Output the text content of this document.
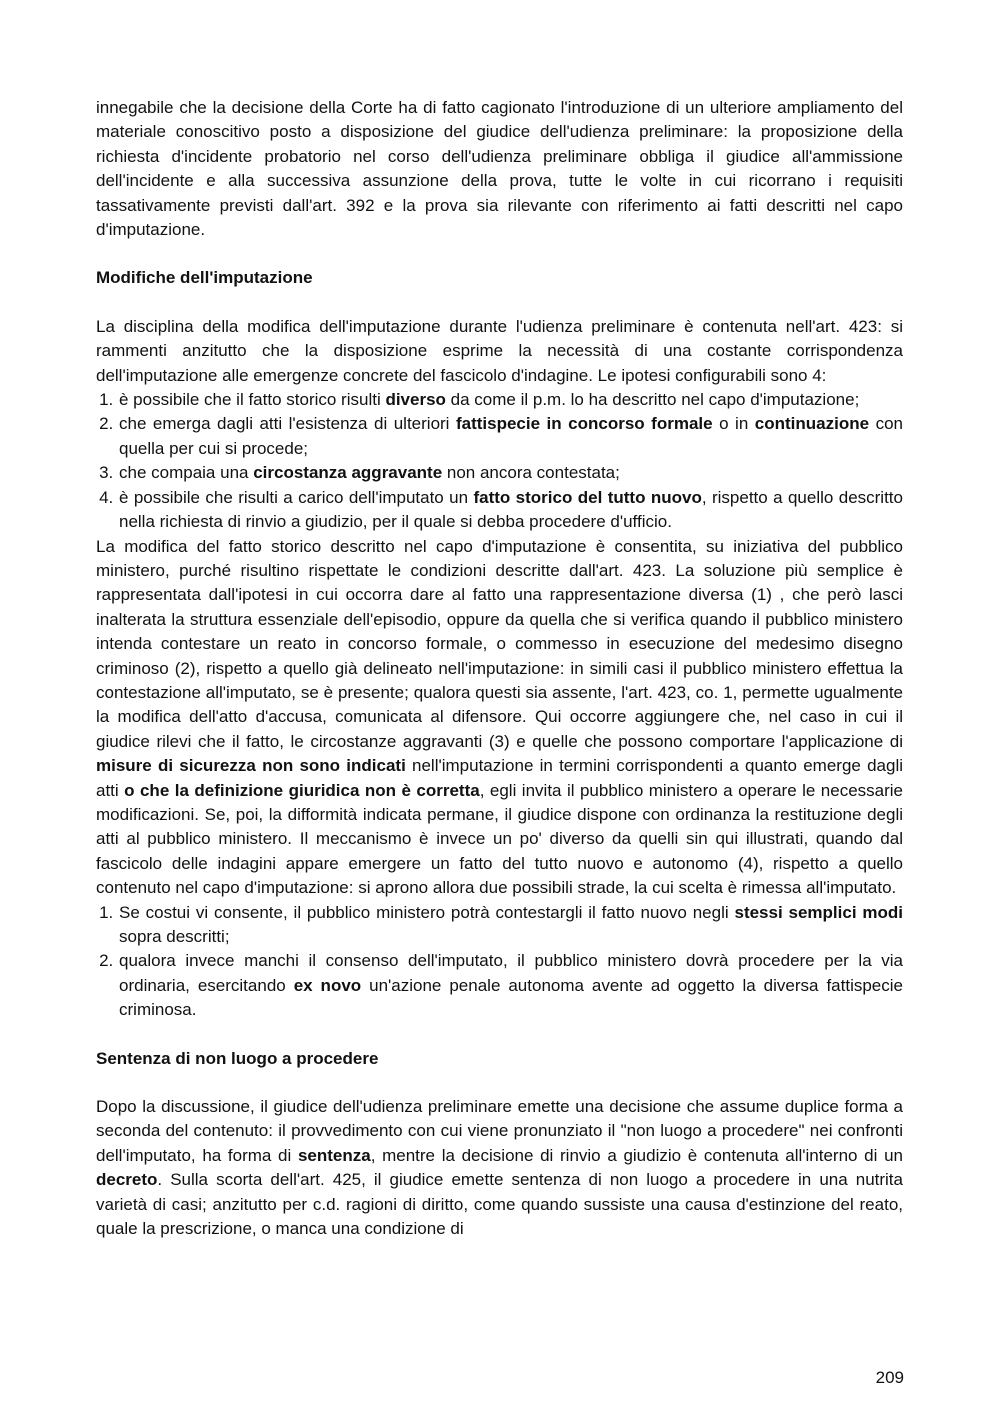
innegabile che la decisione della Corte ha di fatto cagionato l'introduzione di un ulteriore ampliamento del materiale conoscitivo posto a disposizione del giudice dell'udienza preliminare: la proposizione della richiesta d'incidente probatorio nel corso dell'udienza preliminare obbliga il giudice all'ammissione dell'incidente e alla successiva assunzione della prova, tutte le volte in cui ricorrano i requisiti tassativamente previsti dall'art. 392 e la prova sia rilevante con riferimento ai fatti descritti nel capo d'imputazione.

Modifiche dell'imputazione

La disciplina della modifica dell'imputazione durante l'udienza preliminare è contenuta nell'art. 423: si rammenti anzitutto che la disposizione esprime la necessità di una costante corrispondenza dell'imputazione alle emergenze concrete del fascicolo d'indagine. Le ipotesi configurabili sono 4:

1. è possibile che il fatto storico risulti diverso da come il p.m. lo ha descritto nel capo d'imputazione;
2. che emerga dagli atti l'esistenza di ulteriori fattispecie in concorso formale o in continuazione con quella per cui si procede;
3. che compaia una circostanza aggravante non ancora contestata;
4. è possibile che risulti a carico dell'imputato un fatto storico del tutto nuovo, rispetto a quello descritto nella richiesta di rinvio a giudizio, per il quale si debba procedere d'ufficio.

La modifica del fatto storico descritto nel capo d'imputazione è consentita, su iniziativa del pubblico ministero, purché risultino rispettate le condizioni descritte dall'art. 423. La soluzione più semplice è rappresentata dall'ipotesi in cui occorra dare al fatto una rappresentazione diversa (1) , che però lasci inalterata la struttura essenziale dell'episodio, oppure da quella che si verifica quando il pubblico ministero intenda contestare un reato in concorso formale, o commesso in esecuzione del medesimo disegno criminoso (2), rispetto a quello già delineato nell'imputazione: in simili casi il pubblico ministero effettua la contestazione all'imputato, se è presente; qualora questi sia assente, l'art. 423, co. 1, permette ugualmente la modifica dell'atto d'accusa, comunicata al difensore. Qui occorre aggiungere che, nel caso in cui il giudice rilevi che il fatto, le circostanze aggravanti (3) e quelle che possono comportare l'applicazione di misure di sicurezza non sono indicati nell'imputazione in termini corrispondenti a quanto emerge dagli atti o che la definizione giuridica non è corretta, egli invita il pubblico ministero a operare le necessarie modificazioni. Se, poi, la difformità indicata permane, il giudice dispone con ordinanza la restituzione degli atti al pubblico ministero. Il meccanismo è invece un po' diverso da quelli sin qui illustrati, quando dal fascicolo delle indagini appare emergere un fatto del tutto nuovo e autonomo (4), rispetto a quello contenuto nel capo d'imputazione: si aprono allora due possibili strade, la cui scelta è rimessa all'imputato.

1. Se costui vi consente, il pubblico ministero potrà contestargli il fatto nuovo negli stessi semplici modi sopra descritti;
2. qualora invece manchi il consenso dell'imputato, il pubblico ministero dovrà procedere per la via ordinaria, esercitando ex novo un'azione penale autonoma avente ad oggetto la diversa fattispecie criminosa.

Sentenza di non luogo a procedere

Dopo la discussione, il giudice dell'udienza preliminare emette una decisione che assume duplice forma a seconda del contenuto: il provvedimento con cui viene pronunziato il "non luogo a procedere" nei confronti dell'imputato, ha forma di sentenza, mentre la decisione di rinvio a giudizio è contenuta all'interno di un decreto. Sulla scorta dell'art. 425, il giudice emette sentenza di non luogo a procedere in una nutrita varietà di casi; anzitutto per c.d. ragioni di diritto, come quando sussiste una causa d'estinzione del reato, quale la prescrizione, o manca una condizione di

209
